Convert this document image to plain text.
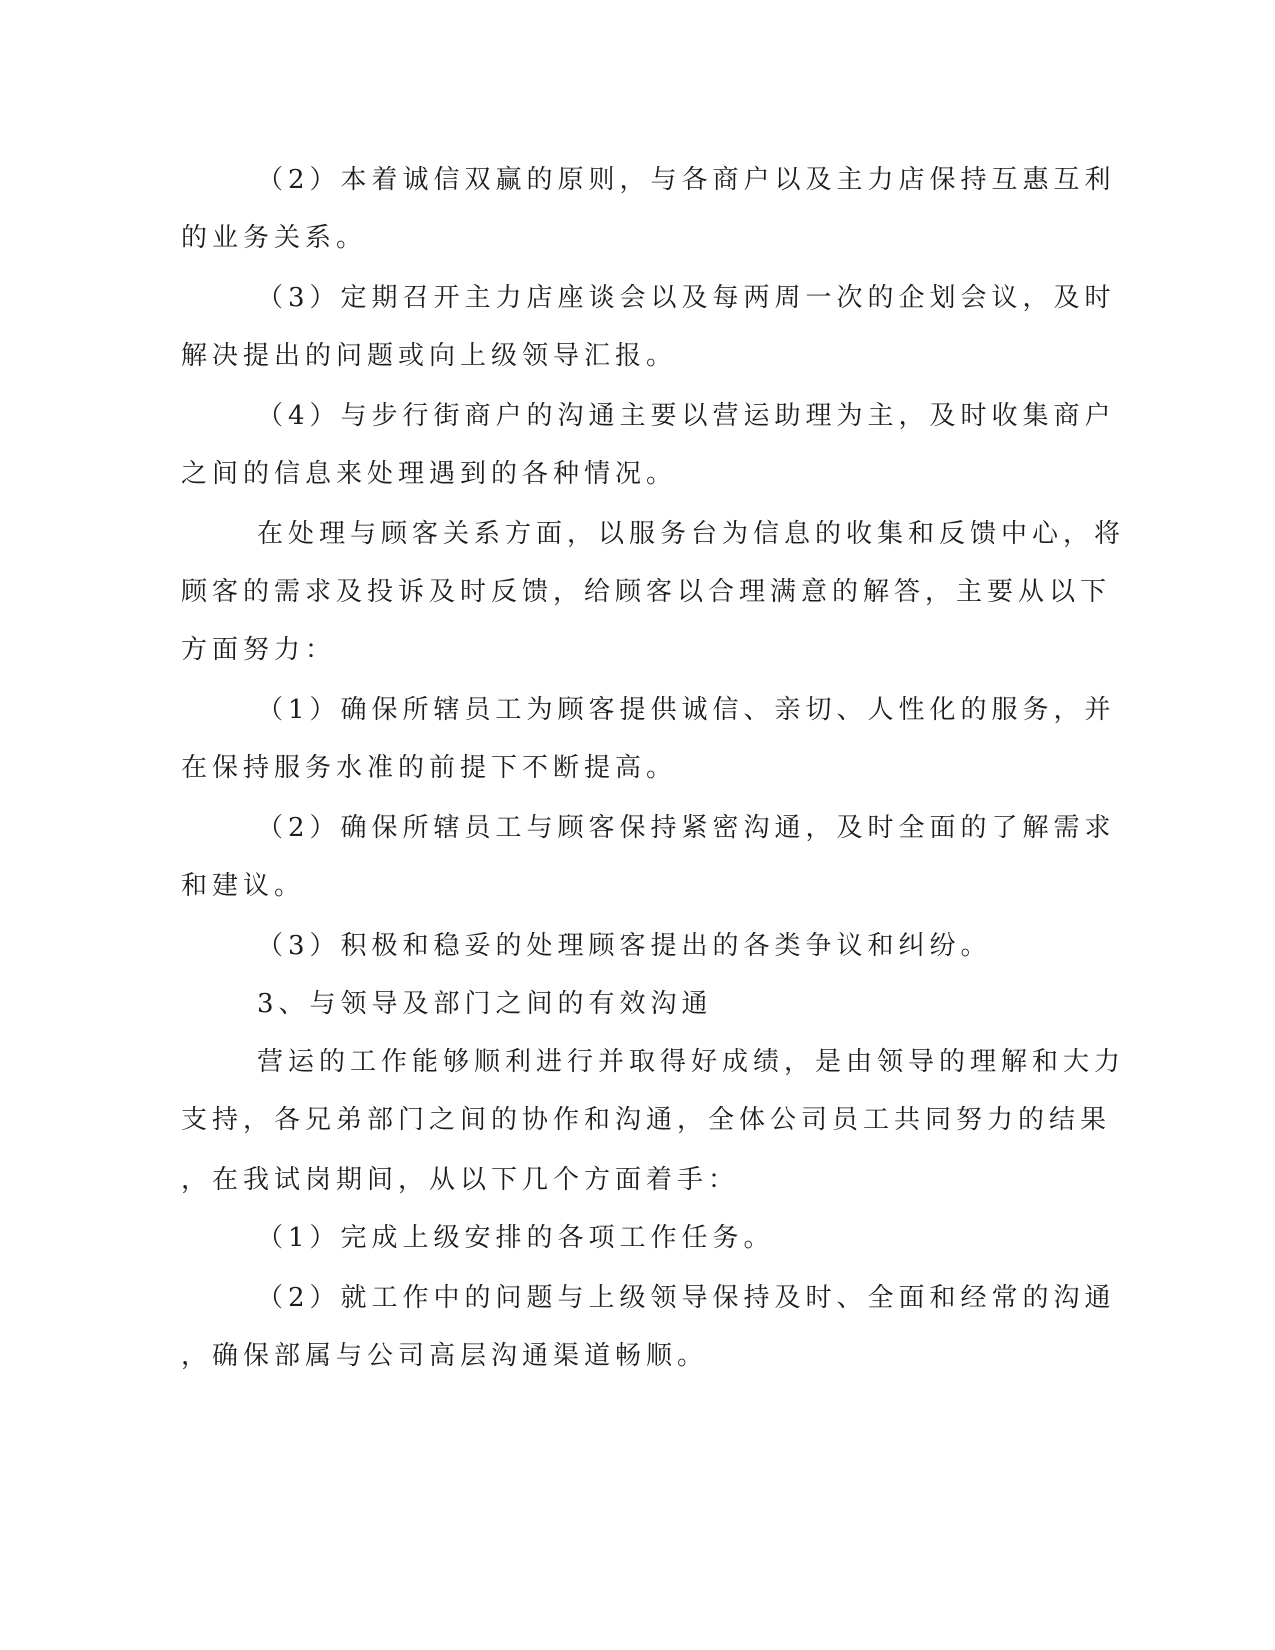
（2）本着诚信双赢的原则，与各商户以及主力店保持互惠互利
的业务关系。
（3）定期召开主力店座谈会以及每两周一次的企划会议，及时
解决提出的问题或向上级领导汇报。
（4）与步行街商户的沟通主要以营运助理为主，及时收集商户
之间的信息来处理遇到的各种情况。
在处理与顾客关系方面，以服务台为信息的收集和反馈中心，将
顾客的需求及投诉及时反馈，给顾客以合理满意的解答，主要从以下
方面努力：
（1）确保所辖员工为顾客提供诚信、亲切、人性化的服务，并
在保持服务水准的前提下不断提高。
（2）确保所辖员工与顾客保持紧密沟通，及时全面的了解需求
和建议。
（3）积极和稳妥的处理顾客提出的各类争议和纠纷。
3、与领导及部门之间的有效沟通
营运的工作能够顺利进行并取得好成绩，是由领导的理解和大力
支持，各兄弟部门之间的协作和沟通，全体公司员工共同努力的结果
，在我试岗期间，从以下几个方面着手：
（1）完成上级安排的各项工作任务。
（2）就工作中的问题与上级领导保持及时、全面和经常的沟通
，确保部属与公司高层沟通渠道畅顺。
